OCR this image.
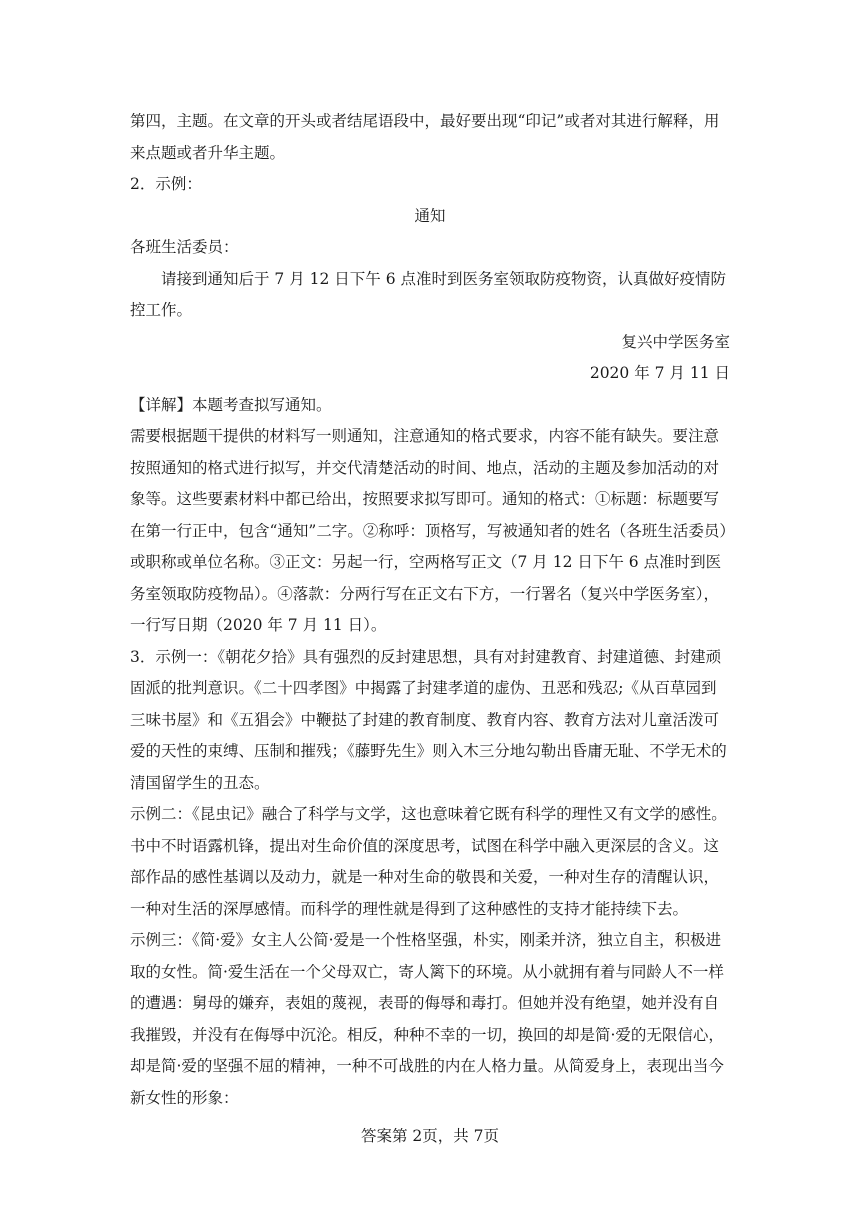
第四，主题。在文章的开头或者结尾语段中，最好要出现“印记”或者对其进行解释，用来点题或者升华主题。

2．示例：

通知

各班生活委员：

请接到通知后于 7 月 12 日下午 6 点准时到医务室领取防疫物资，认真做好疫情防控工作。

复兴中学医务室

2020 年 7 月 11 日

【详解】本题考查拟写通知。

需要根据题干提供的材料写一则通知，注意通知的格式要求，内容不能有缺失。要注意按照通知的格式进行拟写，并交代清楚活动的时间、地点，活动的主题及参加活动的对象等。这些要素材料中都已给出，按照要求拟写即可。通知的格式：①标题：标题要写在第一行正中，包含“通知”二字。②称呼：顶格写，写被通知者的姓名（各班生活委员）或职称或单位名称。③正文：另起一行，空两格写正文（7 月 12 日下午 6 点准时到医务室领取防疫物品）。④落款：分两行写在正文右下方，一行署名（复兴中学医务室），一行写日期（2020 年 7 月 11 日）。

3．示例一：《朝花夕拾》具有强烈的反封建思想，具有对封建教育、封建道德、封建顽固派的批判意识。《二十四孝图》中揭露了封建孝道的虚伪、丑恶和残忍;《从百草园到三味书屋》和《五猖会》中鞭挞了封建的教育制度、教育内容、教育方法对儿童活泼可爱的天性的束缚、压制和摧残；《藤野先生》则入木三分地勾勒出昏庸无耻、不学无术的清国留学生的丑态。

示例二：《昆虫记》融合了科学与文学，这也意味着它既有科学的理性又有文学的感性。书中不时语露机锋，提出对生命价值的深度思考，试图在科学中融入更深层的含义。这部作品的感性基调以及动力，就是一种对生命的敬畏和关爱，一种对生存的清醒认识，一种对生活的深厚感情。而科学的理性就是得到了这种感性的支持才能持续下去。

示例三：《简·爱》女主人公简·爱是一个性格坚强，朴实，刚柔并济，独立自主，积极进取的女性。简·爱生活在一个父母双亡，寄人篱下的环境。从小就拥有着与同龄人不一样的遭遇：舅母的嫌弃，表姐的蔑视，表哥的侮辱和毒打。但她并没有绝望，她并没有自我摧毁，并没有在侮辱中沉沦。相反，种种不幸的一切，换回的却是简·爱的无限信心，却是简·爱的坚强不屈的精神，一种不可战胜的内在人格力量。从简爱身上，表现出当今新女性的形象：

答案第 2页，共 7页
